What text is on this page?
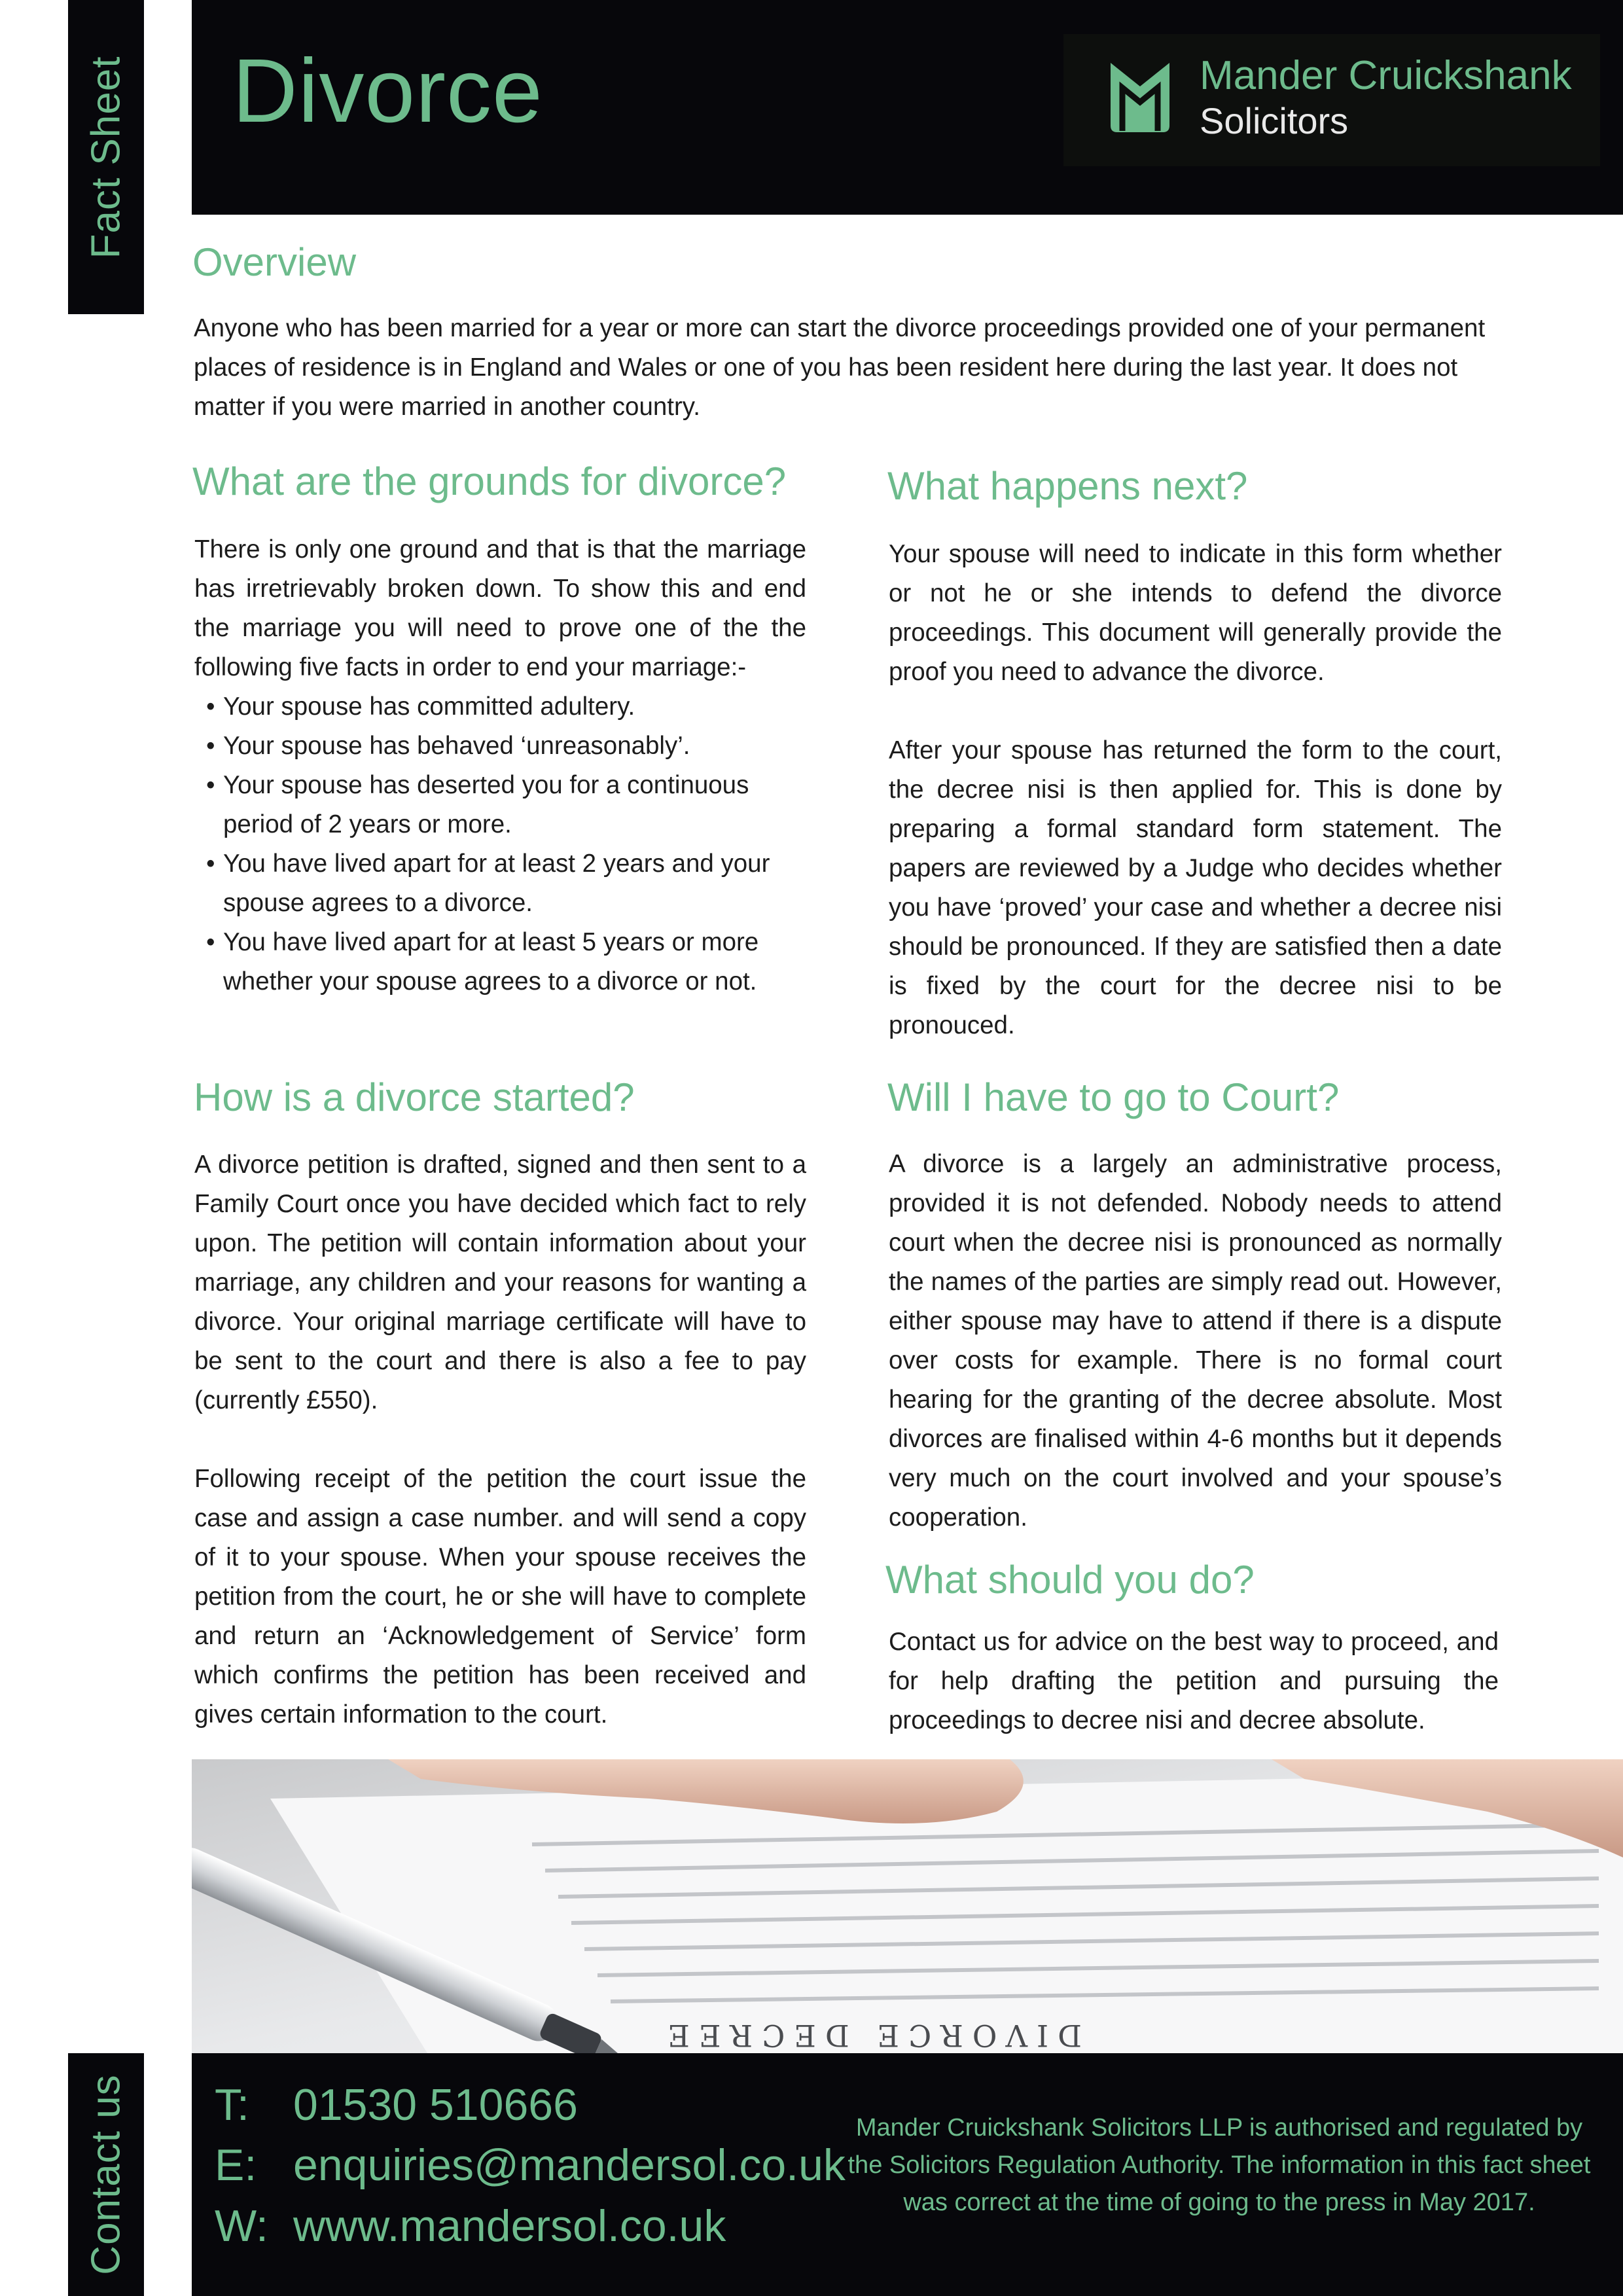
Fact Sheet
Contact us
Divorce	Mander Cruickshank
Solicitors
Overview

Anyone who has been married for a year or more can start the divorce proceedings provided one of your permanent places of residence is in England and Wales or one of you has been resident here during the last year. It does not matter if you were married in another country.

What are the grounds for divorce?
There is only one ground and that is that the marriage has irretrievably broken down. To show this and end the marriage you will need to prove one of the the following five facts in order to end your marriage:-
• Your spouse has committed adultery.
• Your spouse has behaved ‘unreasonably’.
• Your spouse has deserted you for a continuous period of 2 years or more.
• You have lived apart for at least 2 years and your spouse agrees to a divorce.
• You have lived apart for at least 5 years or more whether your spouse agrees to a divorce or not.
How is a divorce started?

A divorce petition is drafted, signed and then sent to a Family Court once you have decided which fact to rely upon. The petition will contain information about your marriage, any children and your reasons for wanting a divorce. Your original marriage certificate will have to be sent to the court and there is also a fee to pay (currently £550).

Following receipt of the petition the court issue the case and assign a case number. and will send a copy of it to your spouse. When your spouse receives the petition from the court, he or she will have to complete and return an ‘Acknowledgement of Service’ form which confirms the petition has been received and gives certain information to the court.

What happens next?

Your spouse will need to indicate in this form whether or not he or she intends to defend the divorce proceedings. This document will generally provide the proof you need to advance the divorce.

After your spouse has returned the form to the court, the decree nisi is then applied for. This is done by preparing a formal standard form statement. The papers are reviewed by a Judge who decides whether you have ‘proved’ your case and whether a decree nisi should be pronounced. If they are satisfied then a date is fixed by the court for the decree nisi to be pronouced.

Will I have to go to Court?

A divorce is a largely an administrative process, provided it is not defended. Nobody needs to attend court when the decree nisi is pronounced as normally the names of the parties are simply read out. However, either spouse may have to attend if there is a dispute over costs for example. There is no formal court hearing for the granting of the decree absolute. Most divorces are finalised within 4-6 months but it depends very much on the court involved and your spouse’s cooperation.

What should you do?

Contact us for advice on the best way to proceed, and for help drafting the petition and pursuing the proceedings to decree nisi and decree absolute.

DIVORCE DECREE
T: 01530 510666
E: enquiries@mandersol.co.uk
W: www.mandersol.co.uk

Mander Cruickshank Solicitors LLP is authorised and regulated by the Solicitors Regulation Authority. The information in this fact sheet was correct at the time of going to the press in May 2017.
